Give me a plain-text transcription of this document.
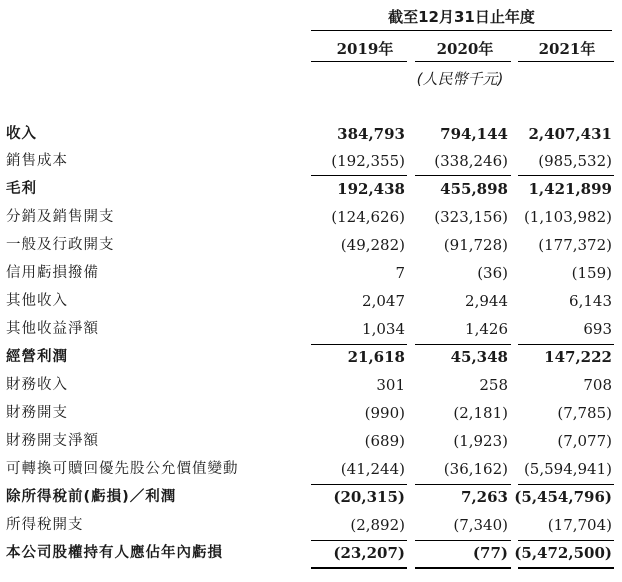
截至12月31日止年度
2019年	2020年	2021年
(人民幣千元)
收入	384,793 794,144 2,407,431
銷售成本	(192,355) (338,246) (985,532)
毛利	192,438 455,898 1,421,899
分銷及銷售開支	(124,626) (323,156) (1,103,982)
一般及行政開支	(49,282)	(91,728) (177,372)
信用虧損撥備	7	(36)	(159)
其他收入	2,047	2,944	6,143
其他收益淨額	1,034	1,426	693
經營利潤	21,618	45,348 147,222
財務收入	301	258	708
財務開支	(990)	(2,181)	(7,785)
財務開支淨額	(689)	(1,923)	(7,077)
可轉換可贖回優先股公允價值變動	(41,244)	(36,162) (5,594,941)
除所得稅前(虧損)／利潤	(20,315)	7,263 (5,454,796)
所得稅開支	(2,892)	(7,340)	(17,704)
本公司股權持有人應佔年內虧損	(23,207)	(77) (5,472,500)
